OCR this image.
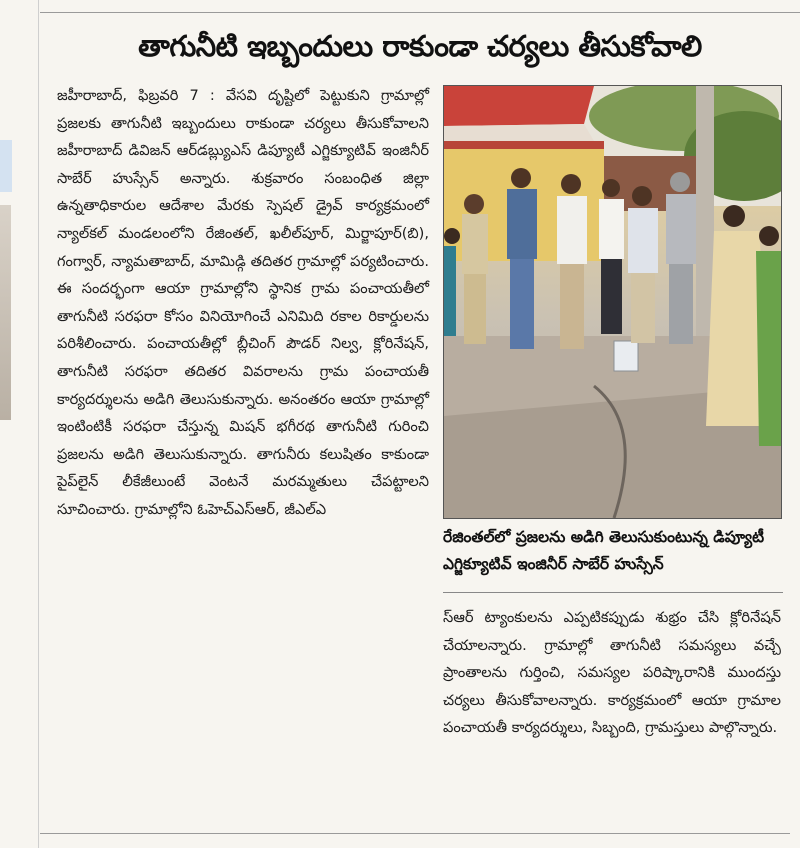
తాగునీటి ఇబ్బందులు రాకుండా చర్యలు తీసుకోవాలి
జహీరాబాద్, ఫిబ్రవరి 7 : వేసవి దృష్టిలో పెట్టుకుని గ్రామాల్లో ప్రజలకు తాగునీటి ఇబ్బందులు రాకుండా చర్యలు తీసుకోవాలని జహీరాబాద్ డివిజన్ ఆర్‌డబ్ల్యుఎస్ డిప్యూటీ ఎగ్జిక్యూటివ్ ఇంజినీర్ సాబేర్ హుస్సేన్ అన్నారు. శుక్రవారం సంబంధిత జిల్లా ఉన్నతాధికారుల ఆదేశాల మేరకు స్పెషల్ డ్రైవ్ కార్యక్రమంలో న్యాల్‌కల్ మండలంలోని రేజింతల్, ఖలీల్‌పూర్, మిర్జాపూర్(బి), గంగ్వార్, న్యామతాబాద్, మామిడ్గి తదితర గ్రామాల్లో పర్యటించారు. ఈ సందర్భంగా ఆయా గ్రామాల్లోని స్థానిక గ్రామ పంచాయతీలో తాగునీటి సరఫరా కోసం వినియోగించే ఎనిమిది రకాల రికార్డులను పరిశీలించారు. పంచాయతీల్లో బ్లీచింగ్ పౌడర్ నిల్వ, క్లోరినేషన్, తాగునీటి సరఫరా తదితర వివరాలను గ్రామ పంచాయతీ కార్యదర్శులను అడిగి తెలుసుకున్నారు. అనంతరం ఆయా గ్రామాల్లో ఇంటింటికీ సరఫరా చేస్తున్న మిషన్ భగీరథ తాగునీటి గురించి ప్రజలను అడిగి తెలుసుకున్నారు. తాగునీరు కలుషితం కాకుండా పైప్‌లైన్ లీకేజీలుంటే వెంటనే మరమ్మతులు చేపట్టాలని సూచించారు. గ్రామాల్లోని ఓహెచ్‌ఎస్‌ఆర్, జీఎల్‌ఎ
రేజింతల్‌లో ప్రజలను అడిగి తెలుసుకుంటున్న డిప్యూటీ ఎగ్జిక్యూటివ్ ఇంజినీర్ సాబేర్ హుస్సేన్
స్‌ఆర్ ట్యాంకులను ఎప్పటికప్పుడు శుభ్రం చేసి క్లోరినేషన్ చేయాలన్నారు. గ్రామాల్లో తాగునీటి సమస్యలు వచ్చే ప్రాంతాలను గుర్తించి, సమస్యల పరిష్కారానికి ముందస్తు చర్యలు తీసుకోవాలన్నారు. కార్యక్రమంలో ఆయా గ్రామాల పంచాయతీ కార్యదర్శులు, సిబ్బంది, గ్రామస్తులు పాల్గొన్నారు.
